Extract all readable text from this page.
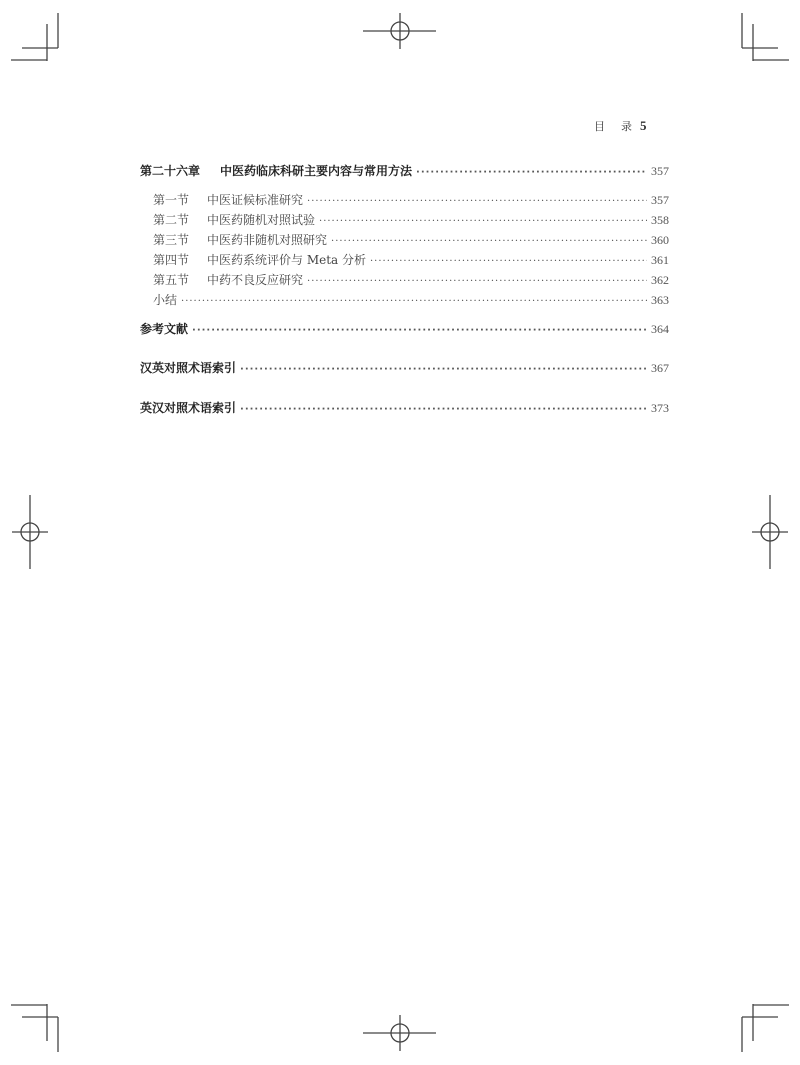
目 录 5
第二十六章 中医药临床科研主要内容与常用方法 ·····	357
第一节 中医证候标准研究 ·····	357
第二节 中医药随机对照试验 ·····	358
第三节 中医药非随机对照研究 ·····	360
第四节 中医药系统评价与 Meta 分析 ·····	361
第五节 中药不良反应研究 ·····	362
小结 ·····	363
参考文献 ·····	364
汉英对照术语索引 ·····	367
英汉对照术语索引 ·····	373
